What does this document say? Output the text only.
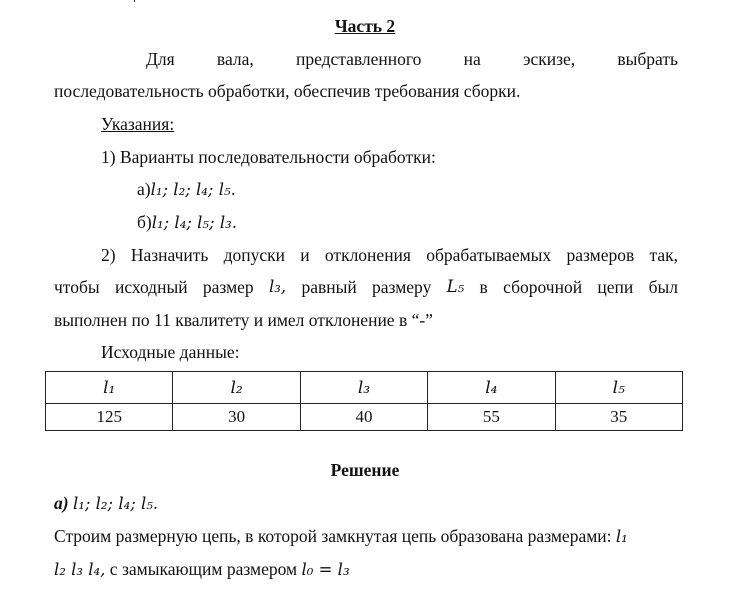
Часть 2
Для вала, представленного на эскизе, выбрать
последовательность обработки, обеспечив требования сборки.
Указания:
1) Варианты последовательности обработки:
а)l₁; l₂; l₄; l₅.
б)l₁; l₄; l₅; l₃.
2) Назначить допуски и отклонения обрабатываемых размеров так,
чтобы исходный размер l₃, равный размеру L₅ в сборочной цепи был
выполнен по 11 квалитету и имел отклонение в “-”
Исходные данные:
l₁	l₂	l₃	l₄	l₅
125	30	40	55	35
Решение
а) l₁; l₂; l₄; l₅.
Строим размерную цепь, в которой замкнутая цепь образована размерами: l₁
l₂ l₃ l₄, с замыкающим размером l₀ = l₃
